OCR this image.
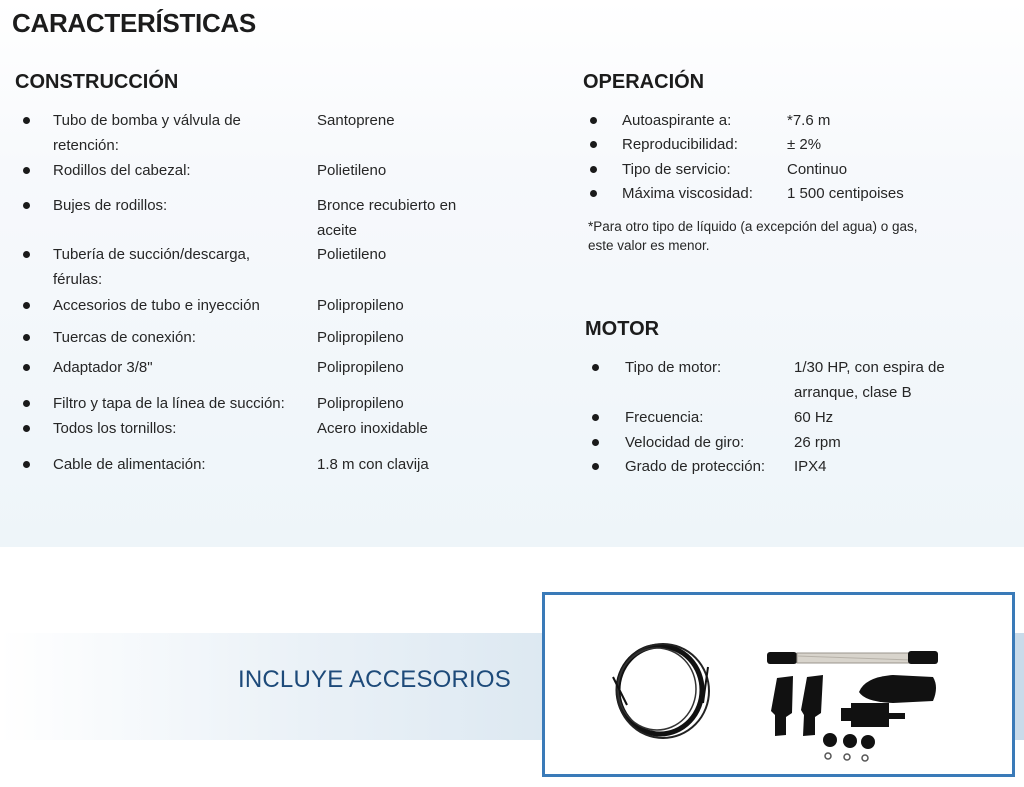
CARACTERÍSTICAS
CONSTRUCCIÓN
Tubo de bomba y válvula de
retención:
Santoprene
Rodillos del cabezal:	Polietileno
Bujes de rodillos:	Bronce recubierto en
aceite
Tubería de succión/descarga,
férulas:
Polietileno
Accesorios de tubo e inyección	Polipropileno
Tuercas de conexión:	Polipropileno
Adaptador 3/8"	Polipropileno
Filtro y tapa de la línea de succión: Polipropileno
Todos los tornillos:	Acero inoxidable
Cable de alimentación:	1.8 m con clavija
OPERACIÓN
Autoaspirante a:	*7.6 m
Reproducibilidad:	± 2%
Tipo de servicio:	Continuo
Máxima viscosidad: 1 500 centipoises
*Para otro tipo de líquido (a excepción del agua) o gas,
este valor es menor.
MOTOR
Tipo de motor:	1/30 HP, con espira de
arranque, clase B
Frecuencia:	60 Hz
Velocidad de giro:	26 rpm
Grado de protección: IPX4
INCLUYE ACCESORIOS
